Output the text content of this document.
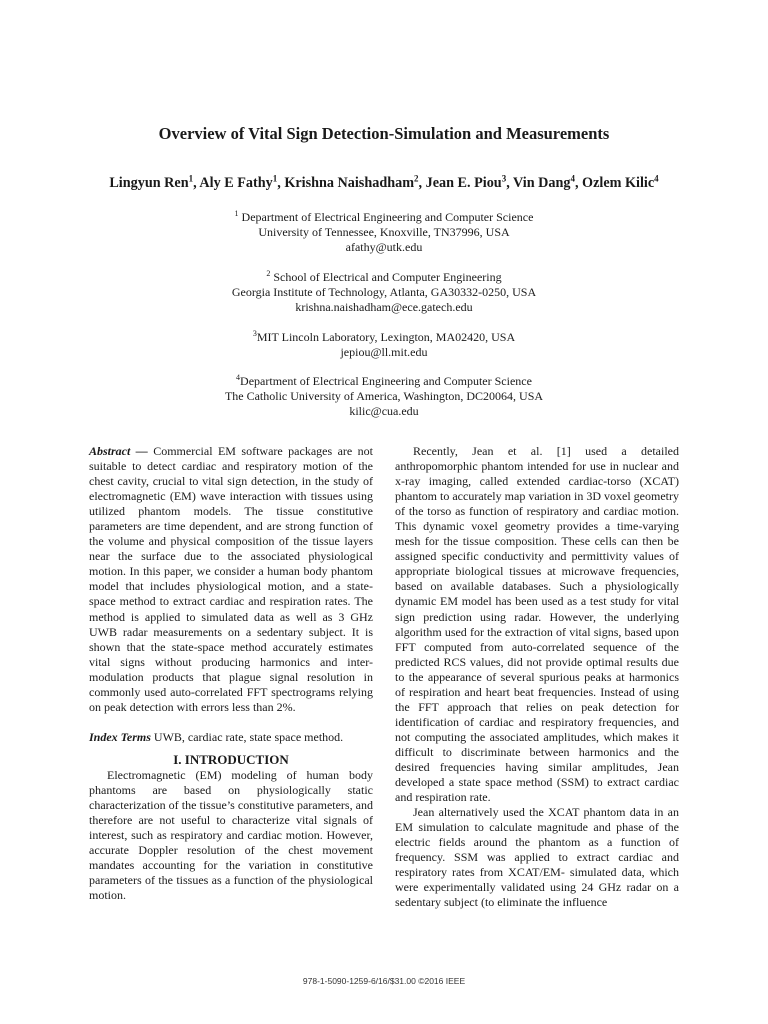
Overview of Vital Sign Detection-Simulation and Measurements
Lingyun Ren$^1$, Aly E Fathy$^1$, Krishna Naishadham$^2$, Jean E. Piou$^3$, Vin Dang$^4$, Ozlem Kilic$^4$
$^1$ Department of Electrical Engineering and Computer Science
University of Tennessee, Knoxville, TN37996, USA
afathy@utk.edu
$^2$ School of Electrical and Computer Engineering
Georgia Institute of Technology, Atlanta, GA30332-0250, USA
krishna.naishadham@ece.gatech.edu
$^3$MIT Lincoln Laboratory, Lexington, MA02420, USA
jepiou@ll.mit.edu
$^4$Department of Electrical Engineering and Computer Science
The Catholic University of America, Washington, DC20064, USA
kilic@cua.edu

Abstract — Commercial EM software packages are not suitable to detect cardiac and respiratory motion of the chest cavity, crucial to vital sign detection, in the study of electromagnetic (EM) wave interaction with tissues using utilized phantom models. The tissue constitutive parameters are time dependent, and are strong function of the volume and physical composition of the tissue layers near the surface due to the associated physiological motion. In this paper, we consider a human body phantom model that includes physiological motion, and a state-space method to extract cardiac and respiration rates. The method is applied to simulated data as well as 3 GHz UWB radar measurements on a sedentary subject. It is shown that the state-space method accurately estimates vital signs without producing harmonics and inter-modulation products that plague signal resolution in commonly used auto-correlated FFT spectrograms relying on peak detection with errors less than 2%.

Index Terms UWB, cardiac rate, state space method.

I. INTRODUCTION

Electromagnetic (EM) modeling of human body phantoms are based on physiologically static characterization of the tissue’s constitutive parameters, and therefore are not useful to characterize vital signals of interest, such as respiratory and cardiac motion. However, accurate Doppler resolution of the chest movement mandates accounting for the variation in constitutive parameters of the tissues as a function of the physiological motion.

Recently, Jean et al. [1] used a detailed anthropomorphic phantom intended for use in nuclear and x-ray imaging, called extended cardiac-torso (XCAT) phantom to accurately map variation in 3D voxel geometry of the torso as function of respiratory and cardiac motion. This dynamic voxel geometry provides a time-varying mesh for the tissue composition. These cells can then be assigned specific conductivity and permittivity values of appropriate biological tissues at microwave frequencies, based on available databases. Such a physiologically dynamic EM model has been used as a test study for vital sign prediction using radar. However, the underlying algorithm used for the extraction of vital signs, based upon FFT computed from auto-correlated sequence of the predicted RCS values, did not provide optimal results due to the appearance of several spurious peaks at harmonics of respiration and heart beat frequencies. Instead of using the FFT approach that relies on peak detection for identification of cardiac and respiratory frequencies, and not computing the associated amplitudes, which makes it difficult to discriminate between harmonics and the desired frequencies having similar amplitudes, Jean developed a state space method (SSM) to extract cardiac and respiration rate.

Jean alternatively used the XCAT phantom data in an EM simulation to calculate magnitude and phase of the electric fields around the phantom as a function of frequency. SSM was applied to extract cardiac and respiratory rates from XCAT/EM- simulated data, which were experimentally validated using 24 GHz radar on a sedentary subject (to eliminate the influence

978-1-5090-1259-6/16/$31.00 ©2016 IEEE
